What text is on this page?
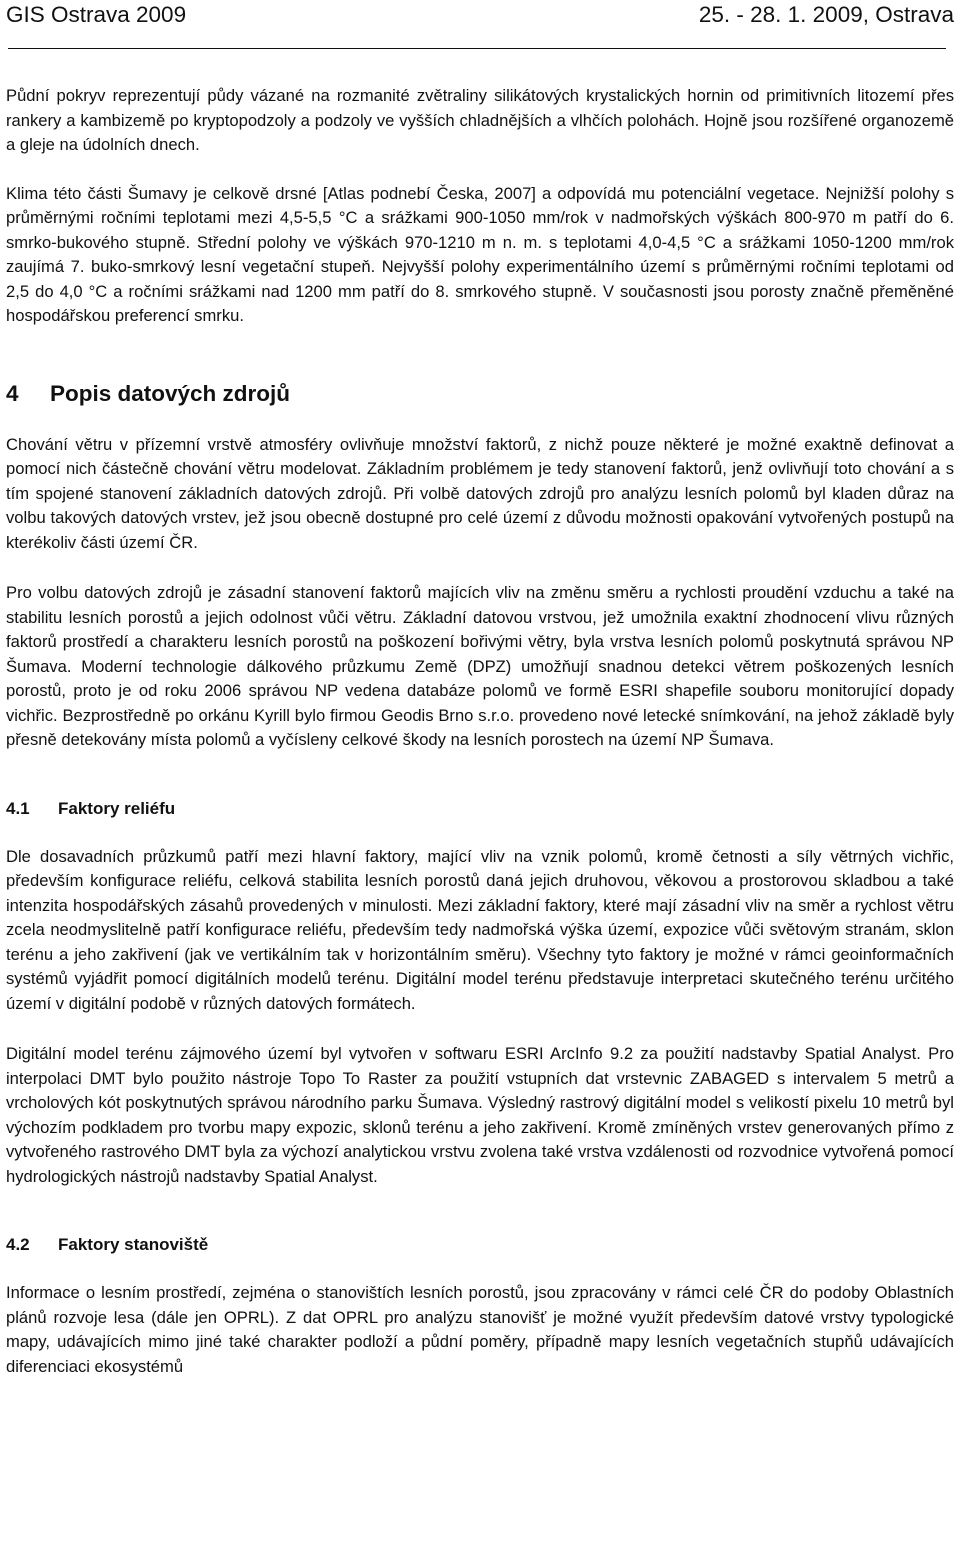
GIS Ostrava 2009	25. - 28. 1. 2009, Ostrava

Půdní pokryv reprezentují půdy vázané na rozmanité zvětraliny silikátových krystalických hornin od primitivních litozemí přes rankery a kambizemě po kryptopodzoly a podzoly ve vyšších chladnějších a vlhčích polohách. Hojně jsou rozšířené organozemě a gleje na údolních dnech.

Klima této části Šumavy je celkově drsné [Atlas podnebí Česka, 2007] a odpovídá mu potenciální vegetace. Nejnižší polohy s průměrnými ročními teplotami mezi 4,5-5,5 °C a srážkami 900-1050 mm/rok v nadmořských výškách 800-970 m patří do 6. smrko-bukového stupně. Střední polohy ve výškách 970-1210 m n. m. s teplotami 4,0-4,5 °C a srážkami 1050-1200 mm/rok zaujímá 7. buko-smrkový lesní vegetační stupeň. Nejvyšší polohy experimentálního území s průměrnými ročními teplotami od 2,5 do 4,0 °C a ročními srážkami nad 1200 mm patří do 8. smrkového stupně. V současnosti jsou porosty značně přeměněné hospodářskou preferencí smrku.

4 Popis datových zdrojů

Chování větru v přízemní vrstvě atmosféry ovlivňuje množství faktorů, z nichž pouze některé je možné exaktně definovat a pomocí nich částečně chování větru modelovat. Základním problémem je tedy stanovení faktorů, jenž ovlivňují toto chování a s tím spojené stanovení základních datových zdrojů. Při volbě datových zdrojů pro analýzu lesních polomů byl kladen důraz na volbu takových datových vrstev, jež jsou obecně dostupné pro celé území z důvodu možnosti opakování vytvořených postupů na kterékoliv části území ČR.

Pro volbu datových zdrojů je zásadní stanovení faktorů majících vliv na změnu směru a rychlosti proudění vzduchu a také na stabilitu lesních porostů a jejich odolnost vůči větru. Základní datovou vrstvou, jež umožnila exaktní zhodnocení vlivu různých faktorů prostředí a charakteru lesních porostů na poškození bořivými větry, byla vrstva lesních polomů poskytnutá správou NP Šumava. Moderní technologie dálkového průzkumu Země (DPZ) umožňují snadnou detekci větrem poškozených lesních porostů, proto je od roku 2006 správou NP vedena databáze polomů ve formě ESRI shapefile souboru monitorující dopady vichřic. Bezprostředně po orkánu Kyrill bylo firmou Geodis Brno s.r.o. provedeno nové letecké snímkování, na jehož základě byly přesně detekovány místa polomů a vyčísleny celkové škody na lesních porostech na území NP Šumava.

4.1 Faktory reliéfu

Dle dosavadních průzkumů patří mezi hlavní faktory, mající vliv na vznik polomů, kromě četnosti a síly větrných vichřic, především konfigurace reliéfu, celková stabilita lesních porostů daná jejich druhovou, věkovou a prostorovou skladbou a také intenzita hospodářských zásahů provedených v minulosti. Mezi základní faktory, které mají zásadní vliv na směr a rychlost větru zcela neodmyslitelně patří konfigurace reliéfu, především tedy nadmořská výška území, expozice vůči světovým stranám, sklon terénu a jeho zakřivení (jak ve vertikálním tak v horizontálním směru). Všechny tyto faktory je možné v rámci geoinformačních systémů vyjádřit pomocí digitálních modelů terénu. Digitální model terénu představuje interpretaci skutečného terénu určitého území v digitální podobě v různých datových formátech.

Digitální model terénu zájmového území byl vytvořen v softwaru ESRI ArcInfo 9.2 za použití nadstavby Spatial Analyst. Pro interpolaci DMT bylo použito nástroje Topo To Raster za použití vstupních dat vrstevnic ZABAGED s intervalem 5 metrů a vrcholových kót poskytnutých správou národního parku Šumava. Výsledný rastrový digitální model s velikostí pixelu 10 metrů byl výchozím podkladem pro tvorbu mapy expozic, sklonů terénu a jeho zakřivení. Kromě zmíněných vrstev generovaných přímo z vytvořeného rastrového DMT byla za výchozí analytickou vrstvu zvolena také vrstva vzdálenosti od rozvodnice vytvořená pomocí hydrologických nástrojů nadstavby Spatial Analyst.

4.2 Faktory stanoviště

Informace o lesním prostředí, zejména o stanovištích lesních porostů, jsou zpracovány v rámci celé ČR do podoby Oblastních plánů rozvoje lesa (dále jen OPRL). Z dat OPRL pro analýzu stanovišť je možné využít především datové vrstvy typologické mapy, udávajících mimo jiné také charakter podloží a půdní poměry, případně mapy lesních vegetačních stupňů udávajících diferenciaci ekosystémů
